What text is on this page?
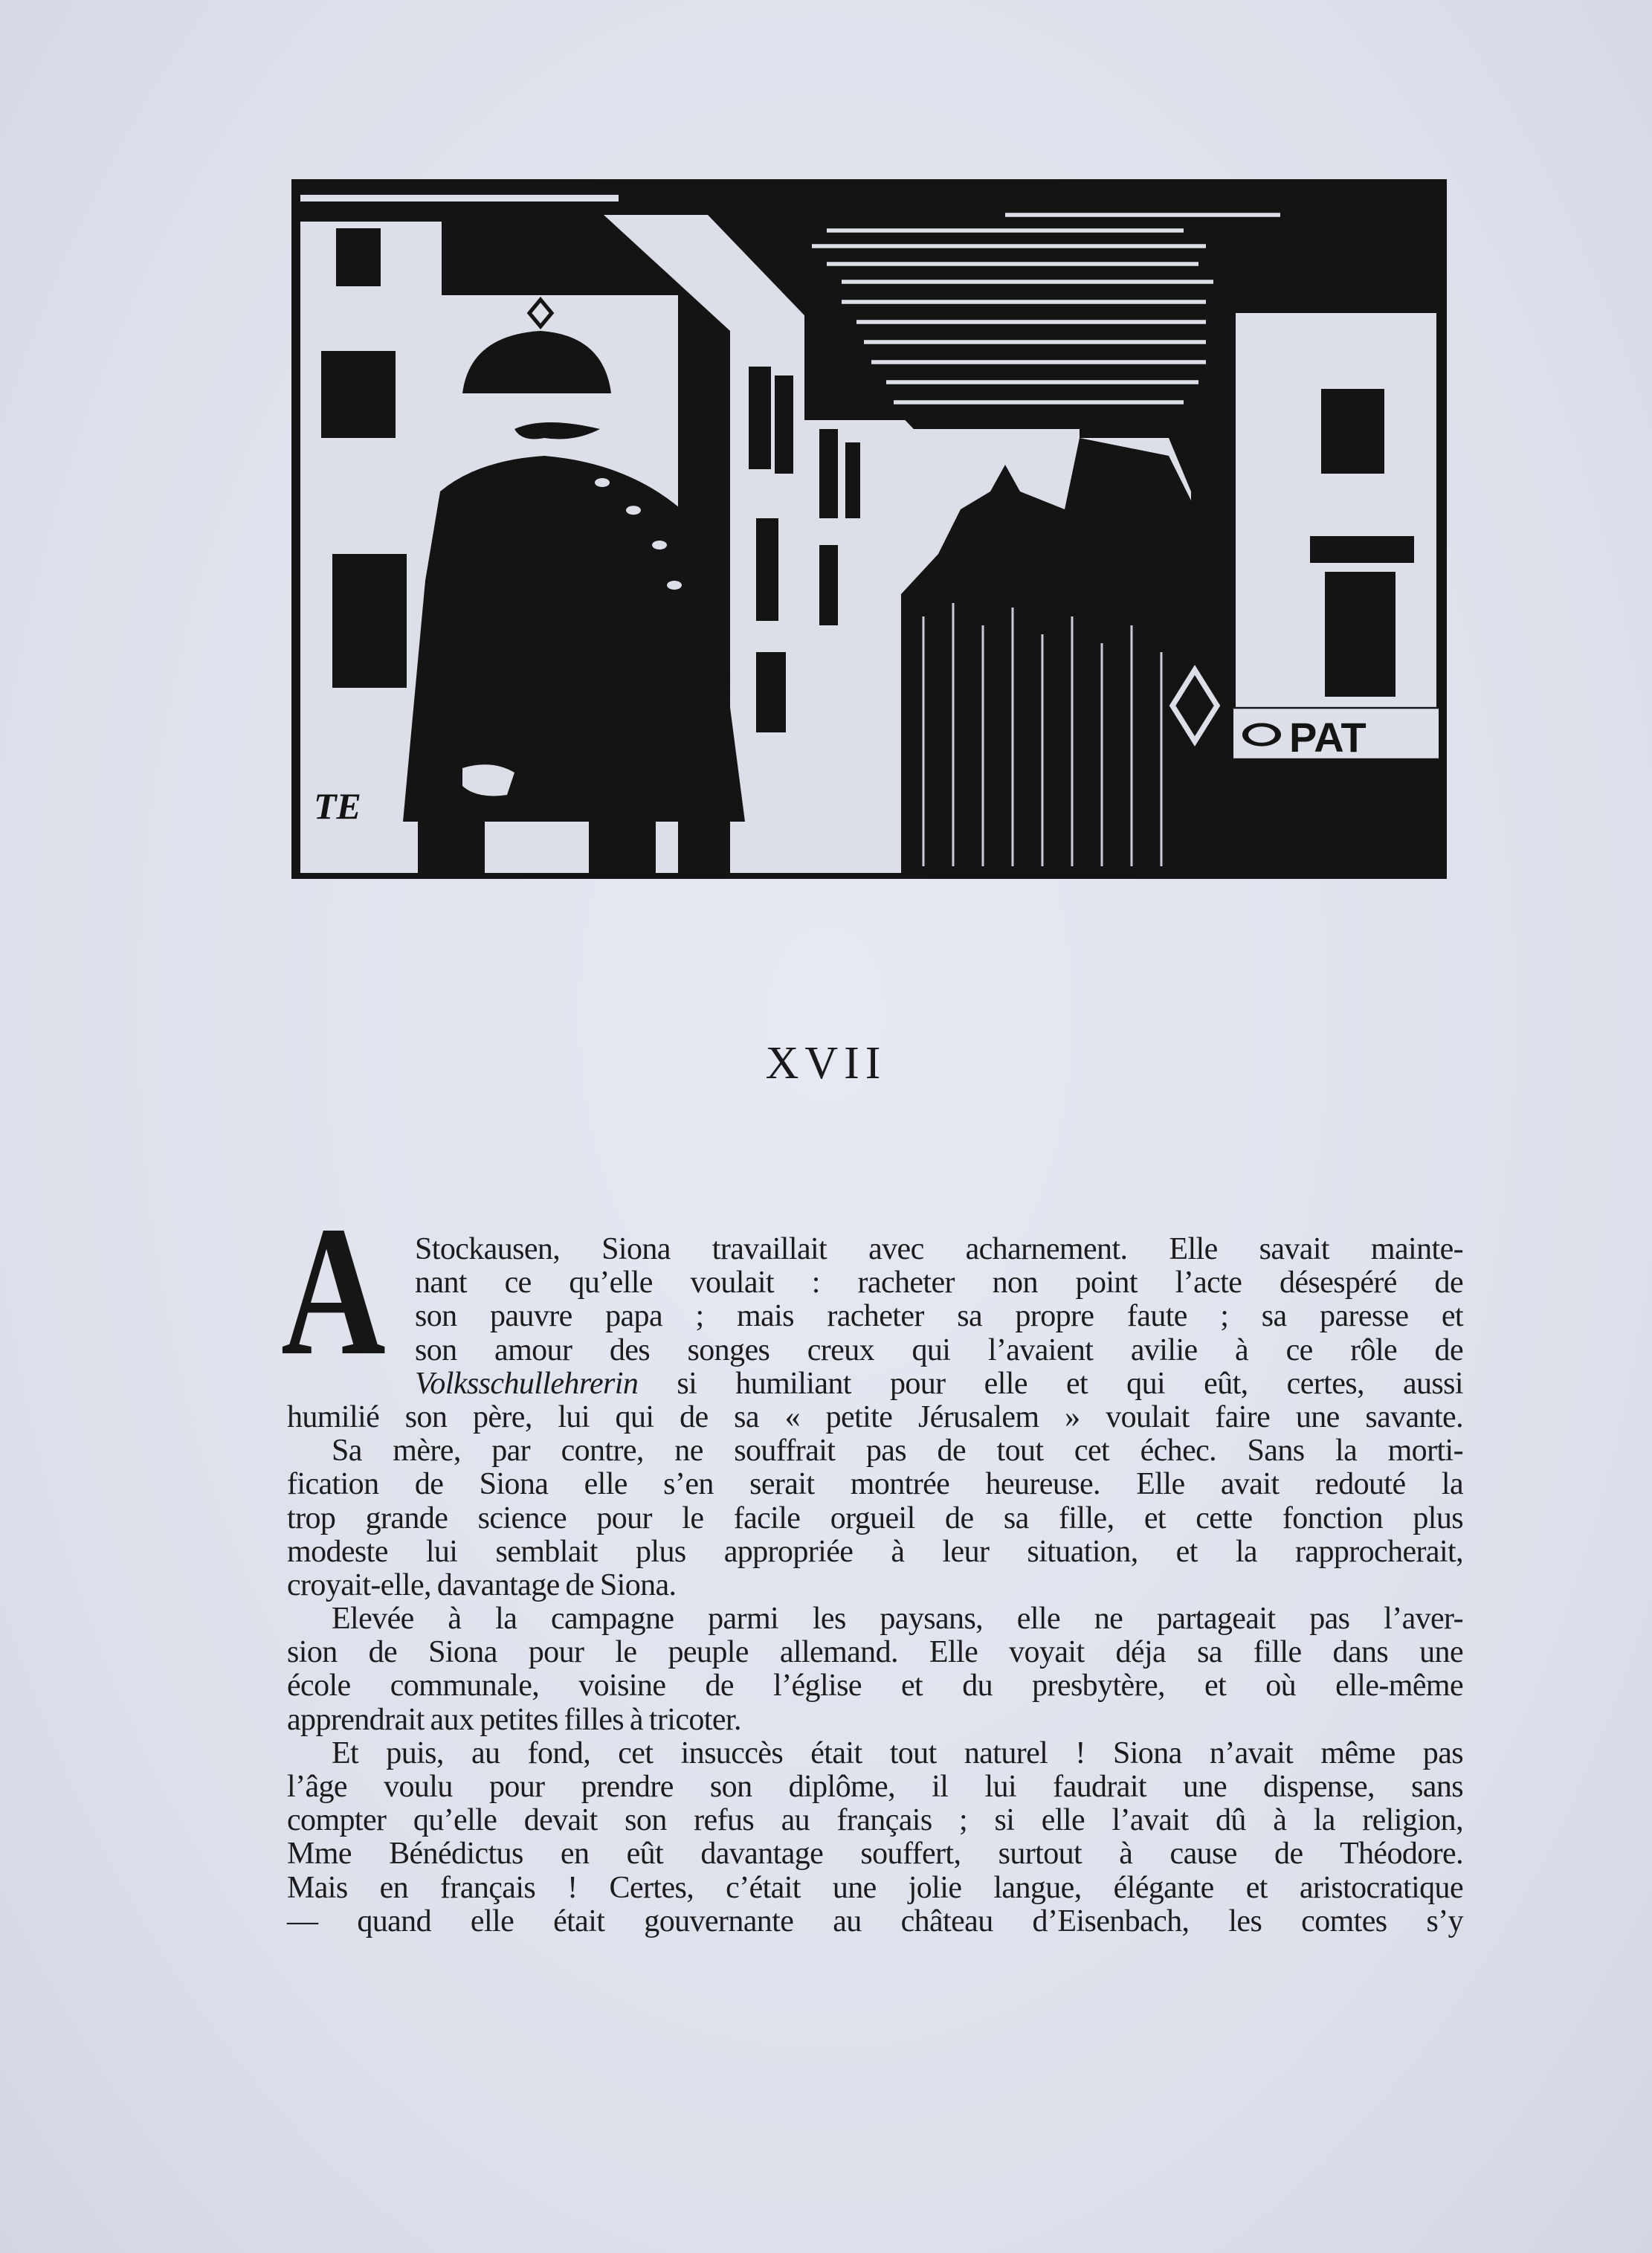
PAT
TE
XVII
A Stockausen, Siona travaillait avec acharnement. Elle savait mainte-
nant ce qu’elle voulait : racheter non point l’acte désespéré de
son pauvre papa ; mais racheter sa propre faute ; sa paresse et
son amour des songes creux qui l’avaient avilie à ce rôle de
Volksschullehrerin si humiliant pour elle et qui eût, certes, aussi
humilié son père, lui qui de sa « petite Jérusalem » voulait faire une savante.
Sa mère, par contre, ne souffrait pas de tout cet échec. Sans la morti-
fication de Siona elle s’en serait montrée heureuse. Elle avait redouté la
trop grande science pour le facile orgueil de sa fille, et cette fonction plus
modeste lui semblait plus appropriée à leur situation, et la rapprocherait,
croyait-elle, davantage de Siona.
Elevée à la campagne parmi les paysans, elle ne partageait pas l’aver-
sion de Siona pour le peuple allemand. Elle voyait déja sa fille dans une
école communale, voisine de l’église et du presbytère, et où elle-même
apprendrait aux petites filles à tricoter.
Et puis, au fond, cet insuccès était tout naturel ! Siona n’avait même pas
l’âge voulu pour prendre son diplôme, il lui faudrait une dispense, sans
compter qu’elle devait son refus au français ; si elle l’avait dû à la religion,
Mme Bénédictus en eût davantage souffert, surtout à cause de Théodore.
Mais en français ! Certes, c’était une jolie langue, élégante et aristocratique
— quand elle était gouvernante au château d’Eisenbach, les comtes s’y
